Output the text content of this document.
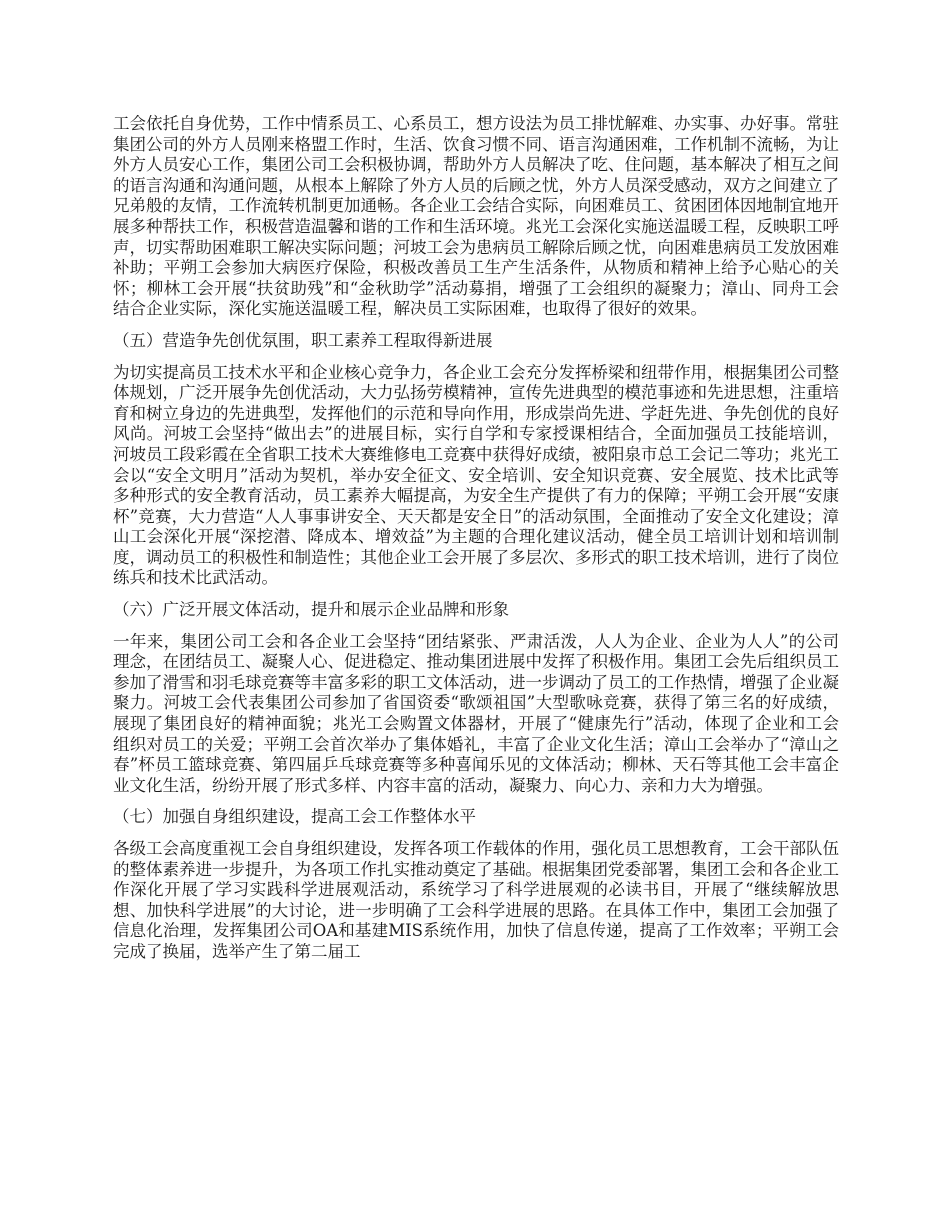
工会依托自身优势，工作中情系员工、心系员工，想方设法为员工排忧解难、办实事、办好事。常驻集团公司的外方人员刚来格盟工作时，生活、饮食习惯不同、语言沟通困难，工作机制不流畅，为让外方人员安心工作，集团公司工会积极协调，帮助外方人员解决了吃、住问题，基本解决了相互之间的语言沟通和沟通问题，从根本上解除了外方人员的后顾之忧，外方人员深受感动，双方之间建立了兄弟般的友情，工作流转机制更加通畅。各企业工会结合实际，向困难员工、贫困团体因地制宜地开展多种帮扶工作，积极营造温馨和谐的工作和生活环境。兆光工会深化实施送温暖工程，反映职工呼声，切实帮助困难职工解决实际问题；河坡工会为患病员工解除后顾之忧，向困难患病员工发放困难补助；平朔工会参加大病医疗保险，积极改善员工生产生活条件，从物质和精神上给予心贴心的关怀；柳林工会开展“扶贫助残”和“金秋助学”活动募捐，增强了工会组织的凝聚力；漳山、同舟工会结合企业实际，深化实施送温暖工程，解决员工实际困难，也取得了很好的效果。

（五）营造争先创优氛围，职工素养工程取得新进展

为切实提高员工技术水平和企业核心竞争力，各企业工会充分发挥桥梁和纽带作用，根据集团公司整体规划，广泛开展争先创优活动，大力弘扬劳模精神，宣传先进典型的模范事迹和先进思想，注重培育和树立身边的先进典型，发挥他们的示范和导向作用，形成崇尚先进、学赶先进、争先创优的良好风尚。河坡工会坚持“做出去”的进展目标，实行自学和专家授课相结合，全面加强员工技能培训，河坡员工段彩霞在全省职工技术大赛维修电工竞赛中获得好成绩，被阳泉市总工会记二等功；兆光工会以“安全文明月”活动为契机，举办安全征文、安全培训、安全知识竞赛、安全展览、技术比武等多种形式的安全教育活动，员工素养大幅提高，为安全生产提供了有力的保障；平朔工会开展“安康杯”竞赛，大力营造“人人事事讲安全、天天都是安全日”的活动氛围，全面推动了安全文化建设；漳山工会深化开展“深挖潜、降成本、增效益”为主题的合理化建议活动，健全员工培训计划和培训制度，调动员工的积极性和制造性；其他企业工会开展了多层次、多形式的职工技术培训，进行了岗位练兵和技术比武活动。

（六）广泛开展文体活动，提升和展示企业品牌和形象

一年来，集团公司工会和各企业工会坚持“团结紧张、严肃活泼，人人为企业、企业为人人”的公司理念，在团结员工、凝聚人心、促进稳定、推动集团进展中发挥了积极作用。集团工会先后组织员工参加了滑雪和羽毛球竞赛等丰富多彩的职工文体活动，进一步调动了员工的工作热情，增强了企业凝聚力。河坡工会代表集团公司参加了省国资委“歌颂祖国”大型歌咏竞赛，获得了第三名的好成绩，展现了集团良好的精神面貌；兆光工会购置文体器材，开展了“健康先行”活动，体现了企业和工会组织对员工的关爱；平朔工会首次举办了集体婚礼，丰富了企业文化生活；漳山工会举办了“漳山之春”杯员工篮球竞赛、第四届乒乓球竞赛等多种喜闻乐见的文体活动；柳林、天石等其他工会丰富企业文化生活，纷纷开展了形式多样、内容丰富的活动，凝聚力、向心力、亲和力大为增强。

（七）加强自身组织建设，提高工会工作整体水平

各级工会高度重视工会自身组织建设，发挥各项工作载体的作用，强化员工思想教育，工会干部队伍的整体素养进一步提升，为各项工作扎实推动奠定了基础。根据集团党委部署，集团工会和各企业工作深化开展了学习实践科学进展观活动，系统学习了科学进展观的必读书目，开展了“继续解放思想、加快科学进展”的大讨论，进一步明确了工会科学进展的思路。在具体工作中，集团工会加强了信息化治理，发挥集团公司OA和基建MIS系统作用，加快了信息传递，提高了工作效率；平朔工会完成了换届，选举产生了第二届工
